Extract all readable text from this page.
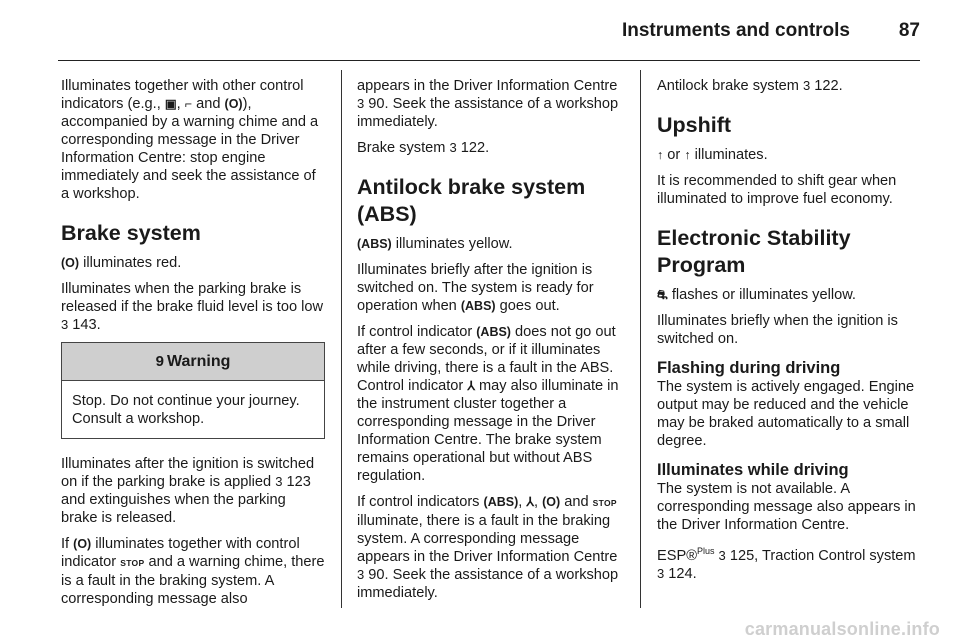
Instruments and controls	87

Illuminates together with other control indicators (e.g., ▣, ⌐ and (O)), accompanied by a warning chime and a corresponding message in the Driver Information Centre: stop engine immediately and seek the assistance of a workshop.

Brake system

(O) illuminates red.

Illuminates when the parking brake is released if the brake fluid level is too low 3 143.

9 Warning
Stop. Do not continue your journey. Consult a workshop.

Illuminates after the ignition is switched on if the parking brake is applied 3 123 and extinguishes when the parking brake is released.

If (O) illuminates together with control indicator STOP and a warning chime, there is a fault in the braking system. A corresponding message also

appears in the Driver Information Centre 3 90. Seek the assistance of a workshop immediately.

Brake system 3 122.

Antilock brake system (ABS)

(ABS) illuminates yellow.

Illuminates briefly after the ignition is switched on. The system is ready for operation when (ABS) goes out.

If control indicator (ABS) does not go out after a few seconds, or if it illuminates while driving, there is a fault in the ABS. Control indicator ⅄ may also illuminate in the instrument cluster together a corresponding message in the Driver Information Centre. The brake system remains operational but without ABS regulation.

If control indicators (ABS), ⅄, (O) and STOP illuminate, there is a fault in the braking system. A corresponding message appears in the Driver Information Centre 3 90. Seek the assistance of a workshop immediately.

Antilock brake system 3 122.

Upshift

↑ or ↑ illuminates.

It is recommended to shift gear when illuminated to improve fuel economy.

Electronic Stability Program

⛐ flashes or illuminates yellow.

Illuminates briefly when the ignition is switched on.

Flashing during driving

The system is actively engaged. Engine output may be reduced and the vehicle may be braked automatically to a small degree.

Illuminates while driving

The system is not available. A corresponding message also appears in the Driver Information Centre.

ESP®$^{Plus}$ 3 125, Traction Control system 3 124.

carmanualsonline.info
